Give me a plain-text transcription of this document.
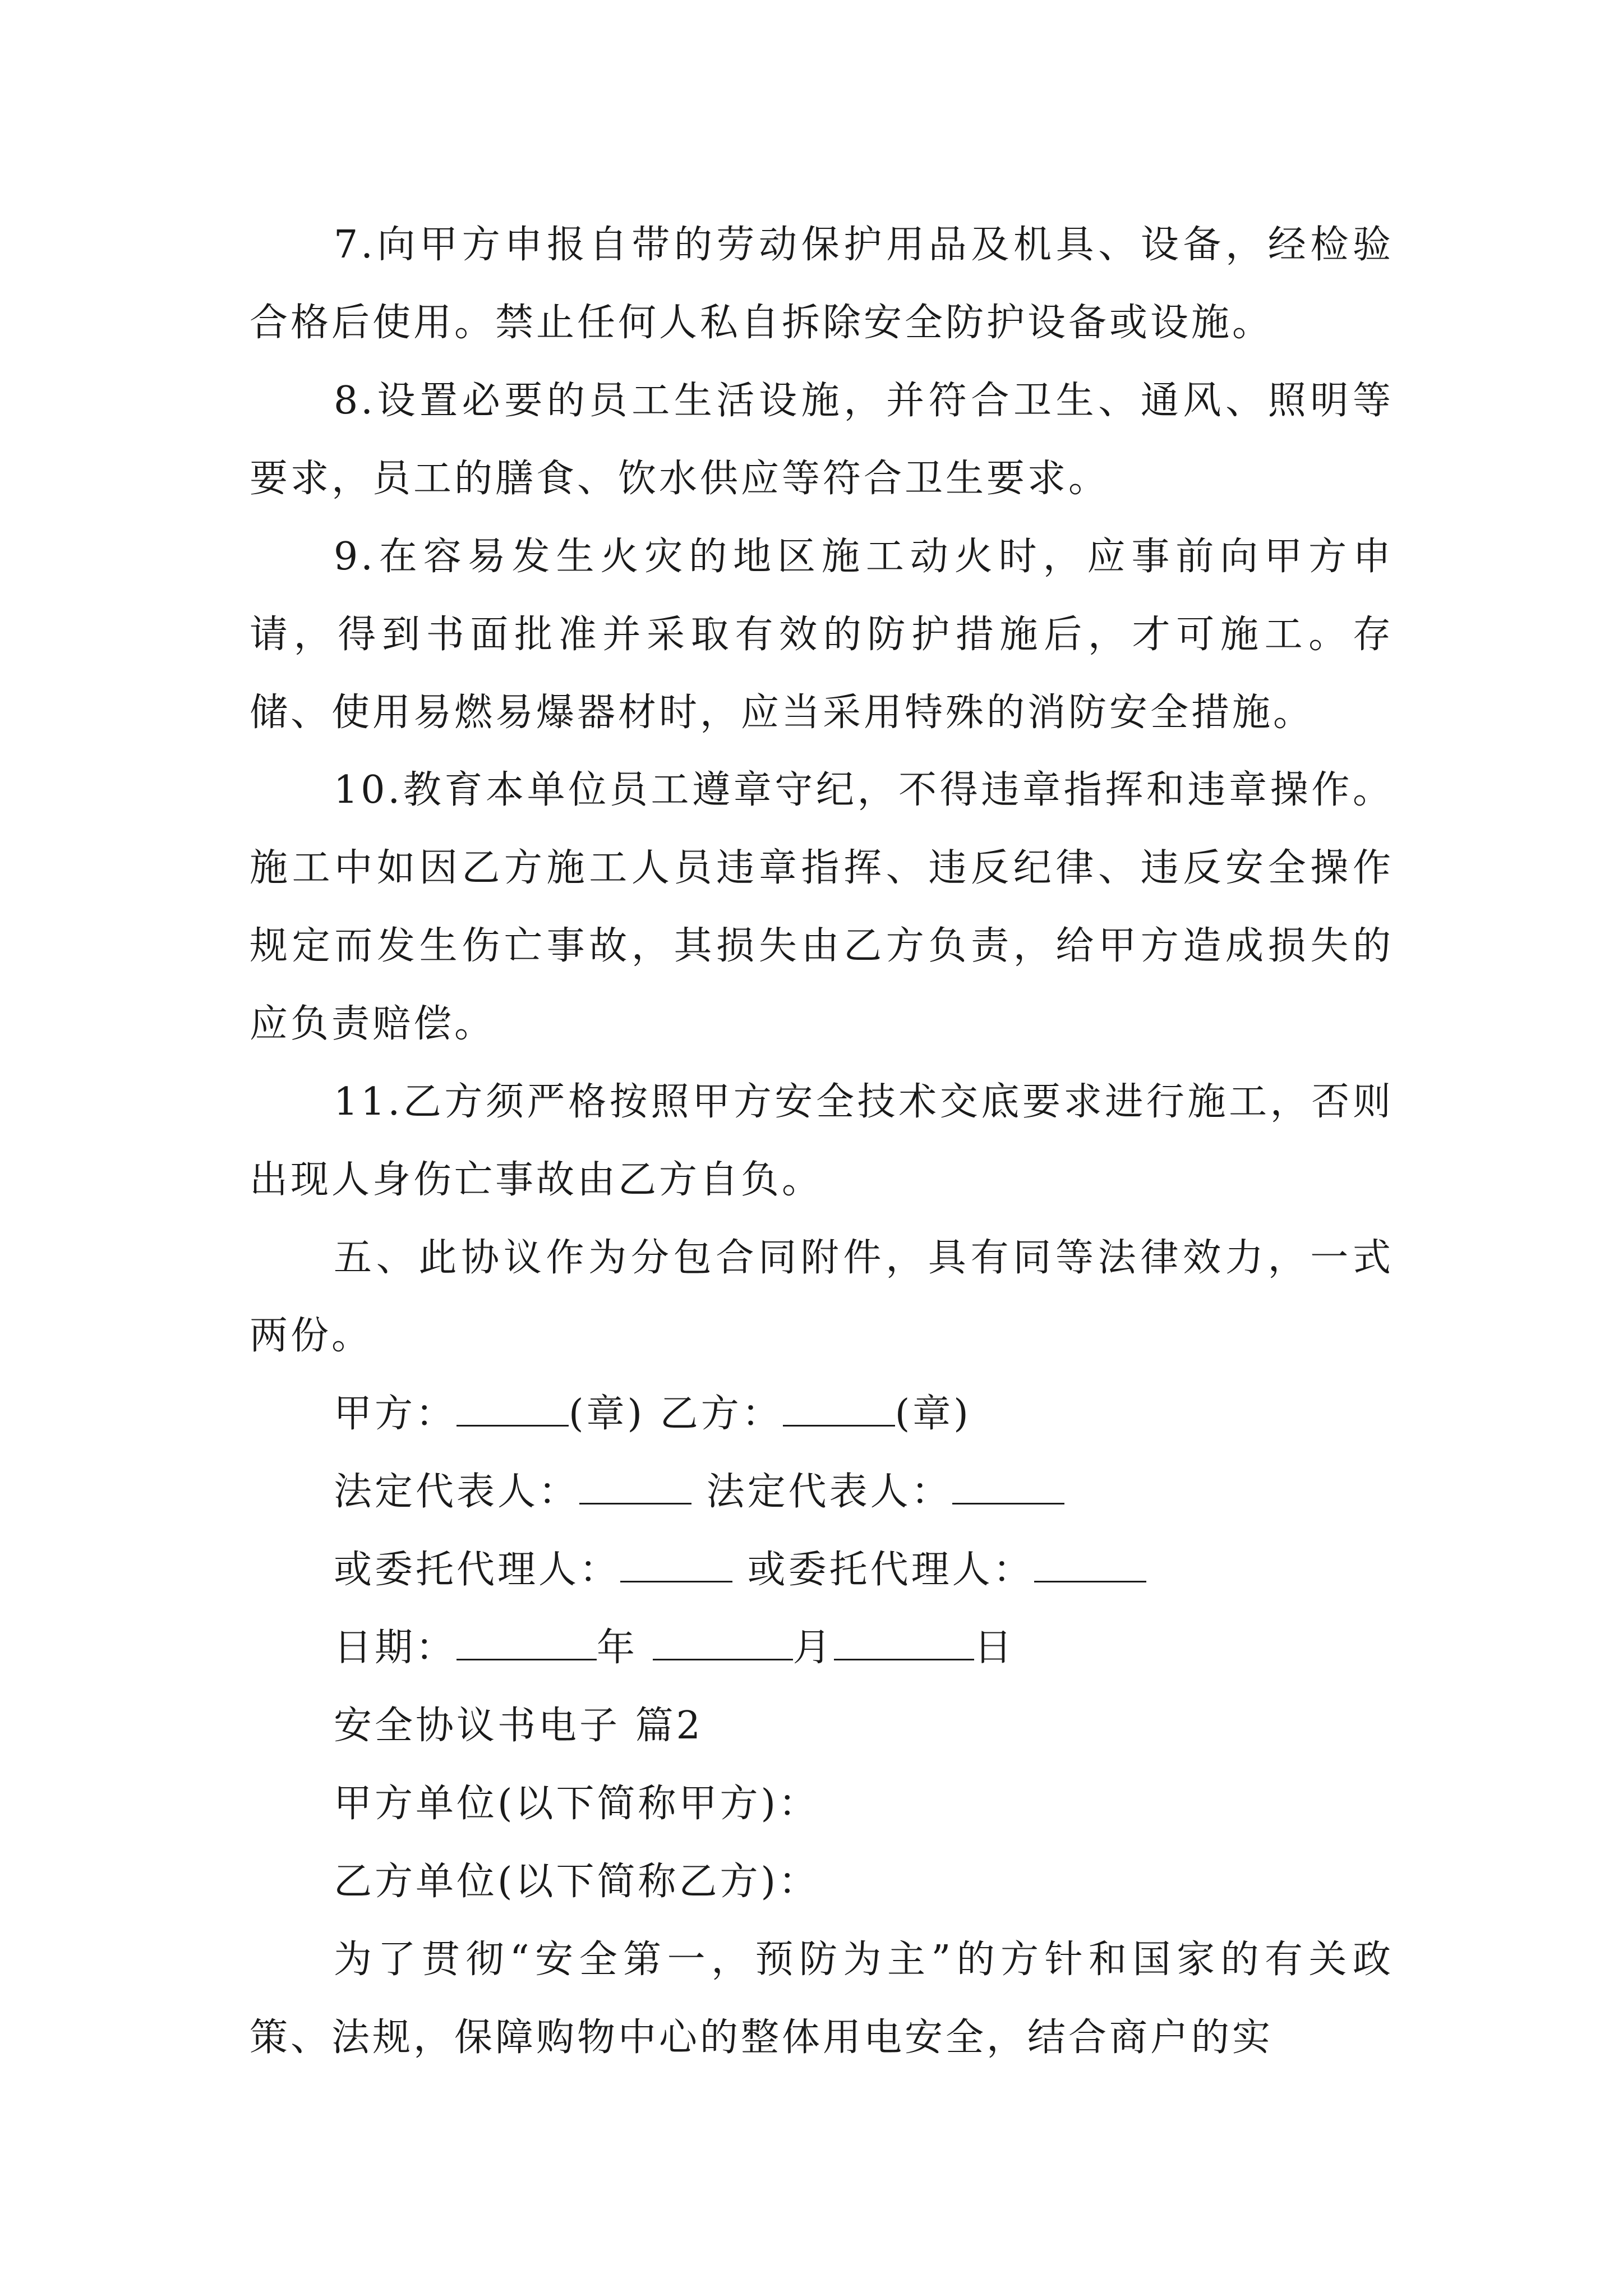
7.向甲方申报自带的劳动保护用品及机具、设备，经检验合格后使用。禁止任何人私自拆除安全防护设备或设施。

8.设置必要的员工生活设施，并符合卫生、通风、照明等要求，员工的膳食、饮水供应等符合卫生要求。

9.在容易发生火灾的地区施工动火时，应事前向甲方申请，得到书面批准并采取有效的防护措施后，才可施工。存储、使用易燃易爆器材时，应当采用特殊的消防安全措施。

10.教育本单位员工遵章守纪，不得违章指挥和违章操作。施工中如因乙方施工人员违章指挥、违反纪律、违反安全操作规定而发生伤亡事故，其损失由乙方负责，给甲方造成损失的应负责赔偿。

11.乙方须严格按照甲方安全技术交底要求进行施工，否则出现人身伤亡事故由乙方自负。

五、此协议作为分包合同附件，具有同等法律效力，一式两份。

甲方：	(章) 乙方：	(章)
法定代表人：	法定代表人：
或委托代理人：	或委托代理人：
日期：	年	月	日
安全协议书电子 篇2
甲方单位(以下简称甲方)：
乙方单位(以下简称乙方)：

为了贯彻“安全第一，预防为主”的方针和国家的有关政策、法规，保障购物中心的整体用电安全，结合商户的实
